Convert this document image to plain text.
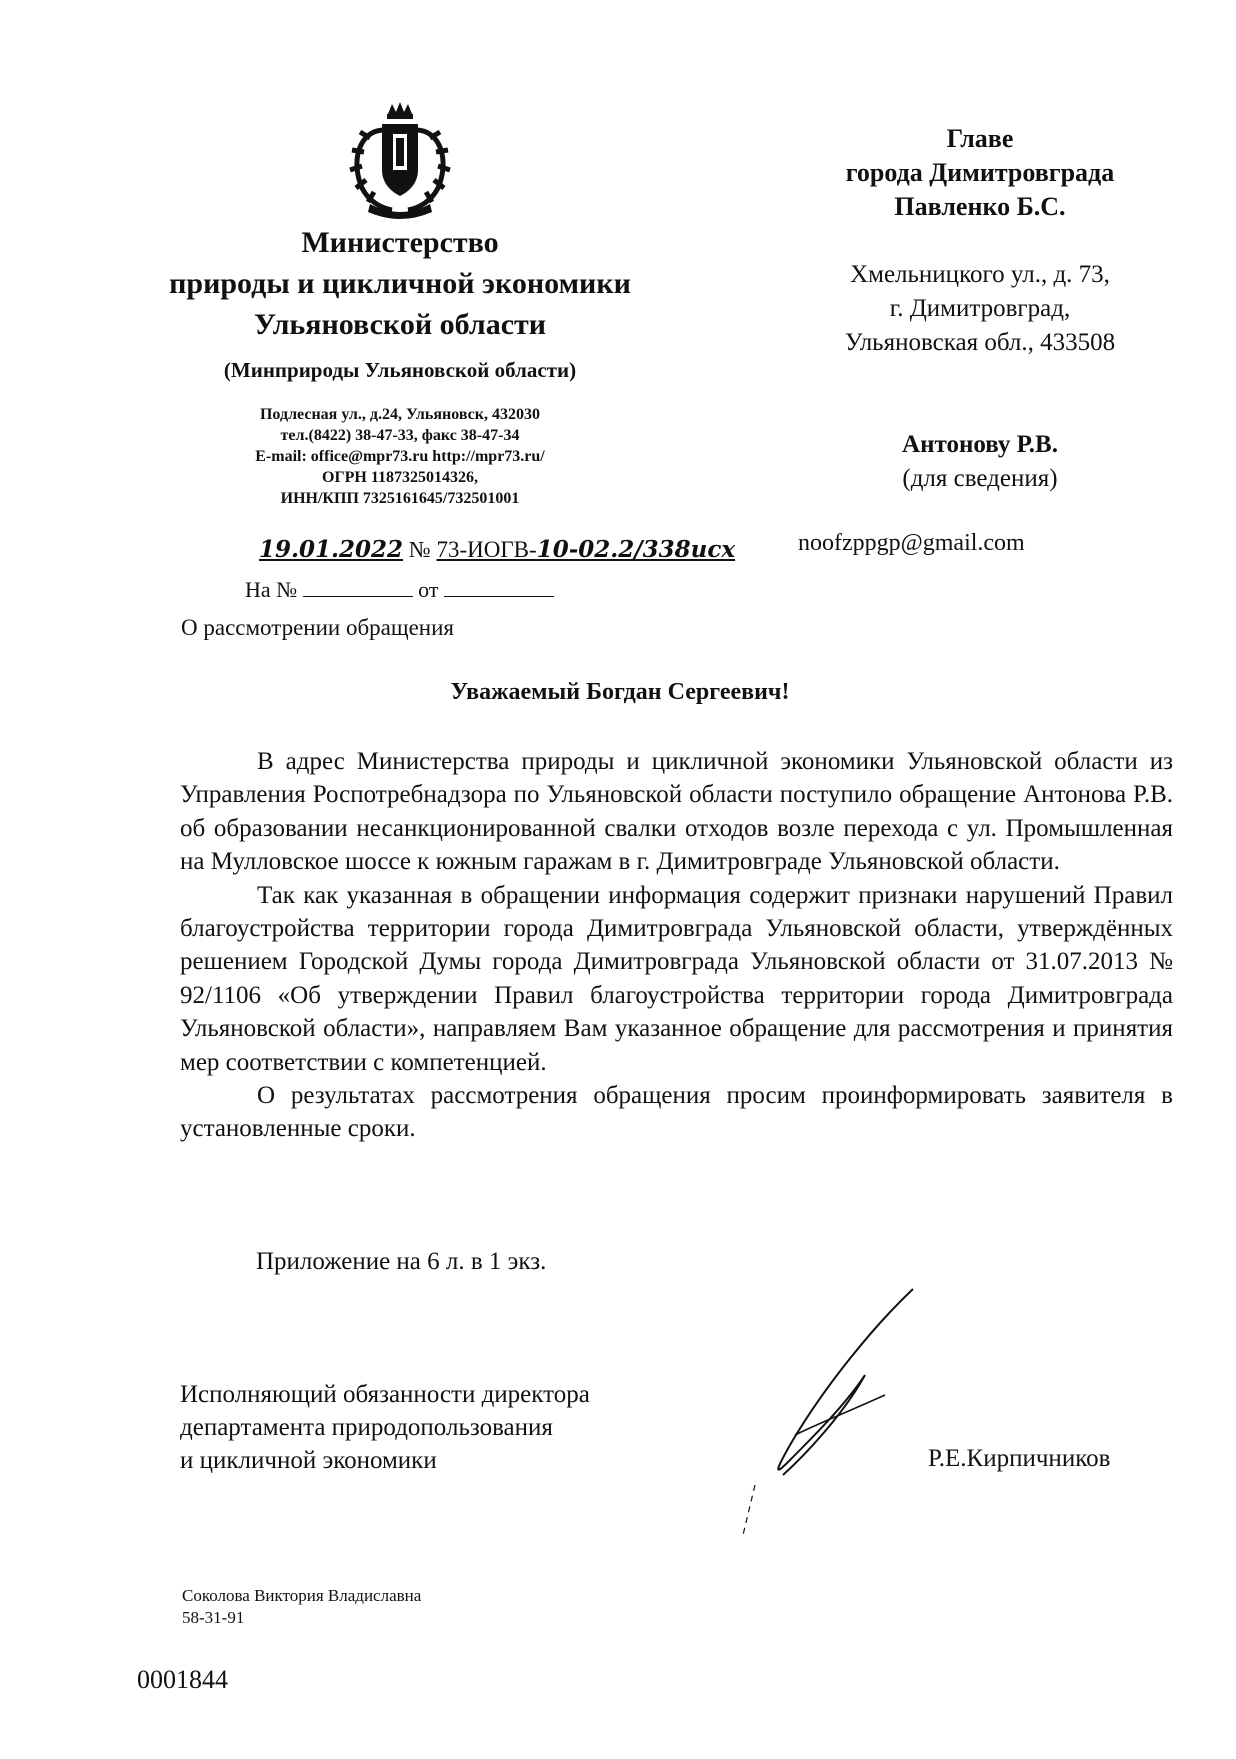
Министерство
природы и цикличной экономики
Ульяновской области
(Минприроды Ульяновской области)
Подлесная ул., д.24, Ульяновск, 432030
тел.(8422) 38-47-33, факс 38-47-34
E-mail: office@mpr73.ru http://mpr73.ru/
ОГРН 1187325014326,
ИНН/КПП 7325161645/732501001
Главе
города Димитровграда
Павленко Б.С.
Хмельницкого ул., д. 73,
г. Димитровград,
Ульяновская обл., 433508
Антонову Р.В.
(для сведения)
noofzppgp@gmail.com
19.01.2022 № 73-ИОГВ-10-02.2/338исх
На №	от
О рассмотрении обращения
Уважаемый Богдан Сергеевич!

В адрес Министерства природы и цикличной экономики Ульяновской области из Управления Роспотребнадзора по Ульяновской области поступило обращение Антонова Р.В. об образовании несанкционированной свалки отходов возле перехода с ул. Промышленная на Мулловское шоссе к южным гаражам в г. Димитровграде Ульяновской области.

Так как указанная в обращении информация содержит признаки нарушений Правил благоустройства территории города Димитровграда Ульяновской области, утверждённых решением Городской Думы города Димитровграда Ульяновской области от 31.07.2013 № 92/1106 «Об утверждении Правил благоустройства территории города Димитровграда Ульяновской области», направляем Вам указанное обращение для рассмотрения и принятия мер соответствии с компетенцией.

О результатах рассмотрения обращения просим проинформировать заявителя в установленные сроки.

Приложение на 6 л. в 1 экз.
Исполняющий обязанности директора
департамента природопользования
и цикличной экономики	Р.Е.Кирпичников
Соколова Виктория Владиславна
58-31-91
0001844
